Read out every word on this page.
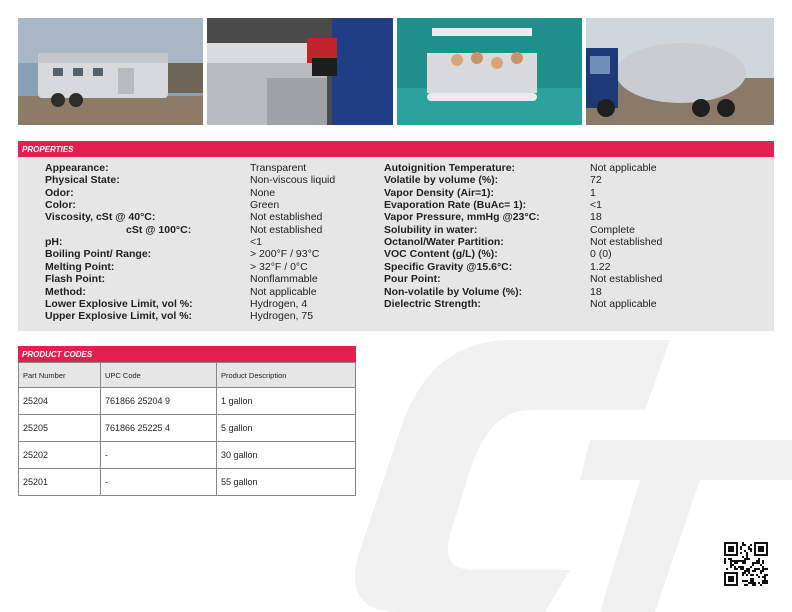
PROPERTIES
Appearance:	Transparent
Physical State:	Non-viscous liquid
Odor:	None
Color:	Green
Viscosity, cSt @ 40°C:	Not established
cSt @ 100°C:	Not established
pH:	<1
Boiling Point/ Range:	> 200°F / 93°C
Melting Point:	> 32°F / 0°C
Flash Point:	Nonflammable
Method:	Not applicable
Lower Explosive Limit, vol %:	Hydrogen, 4
Upper Explosive Limit, vol %:	Hydrogen, 75
Autoignition Temperature:	Not applicable
Volatile by volume (%):	72
Vapor Density (Air=1):	1
Evaporation Rate (BuAc= 1):	<1
Vapor Pressure, mmHg @23°C:	18
Solubility in water:	Complete
Octanol/Water Partition:	Not established
VOC Content (g/L) (%):	0 (0)
Specific Gravity @15.6°C:	1.22
Pour Point:	Not established
Non-volatile by Volume (%):	18
Dielectric Strength:	Not applicable
PRODUCT CODES
Part Number	UPC Code	Product Description
25204	761866 25204 9	1 gallon
25205	761866 25225 4	5 gallon
25202	-	30 gallon
25201	-	55 gallon
